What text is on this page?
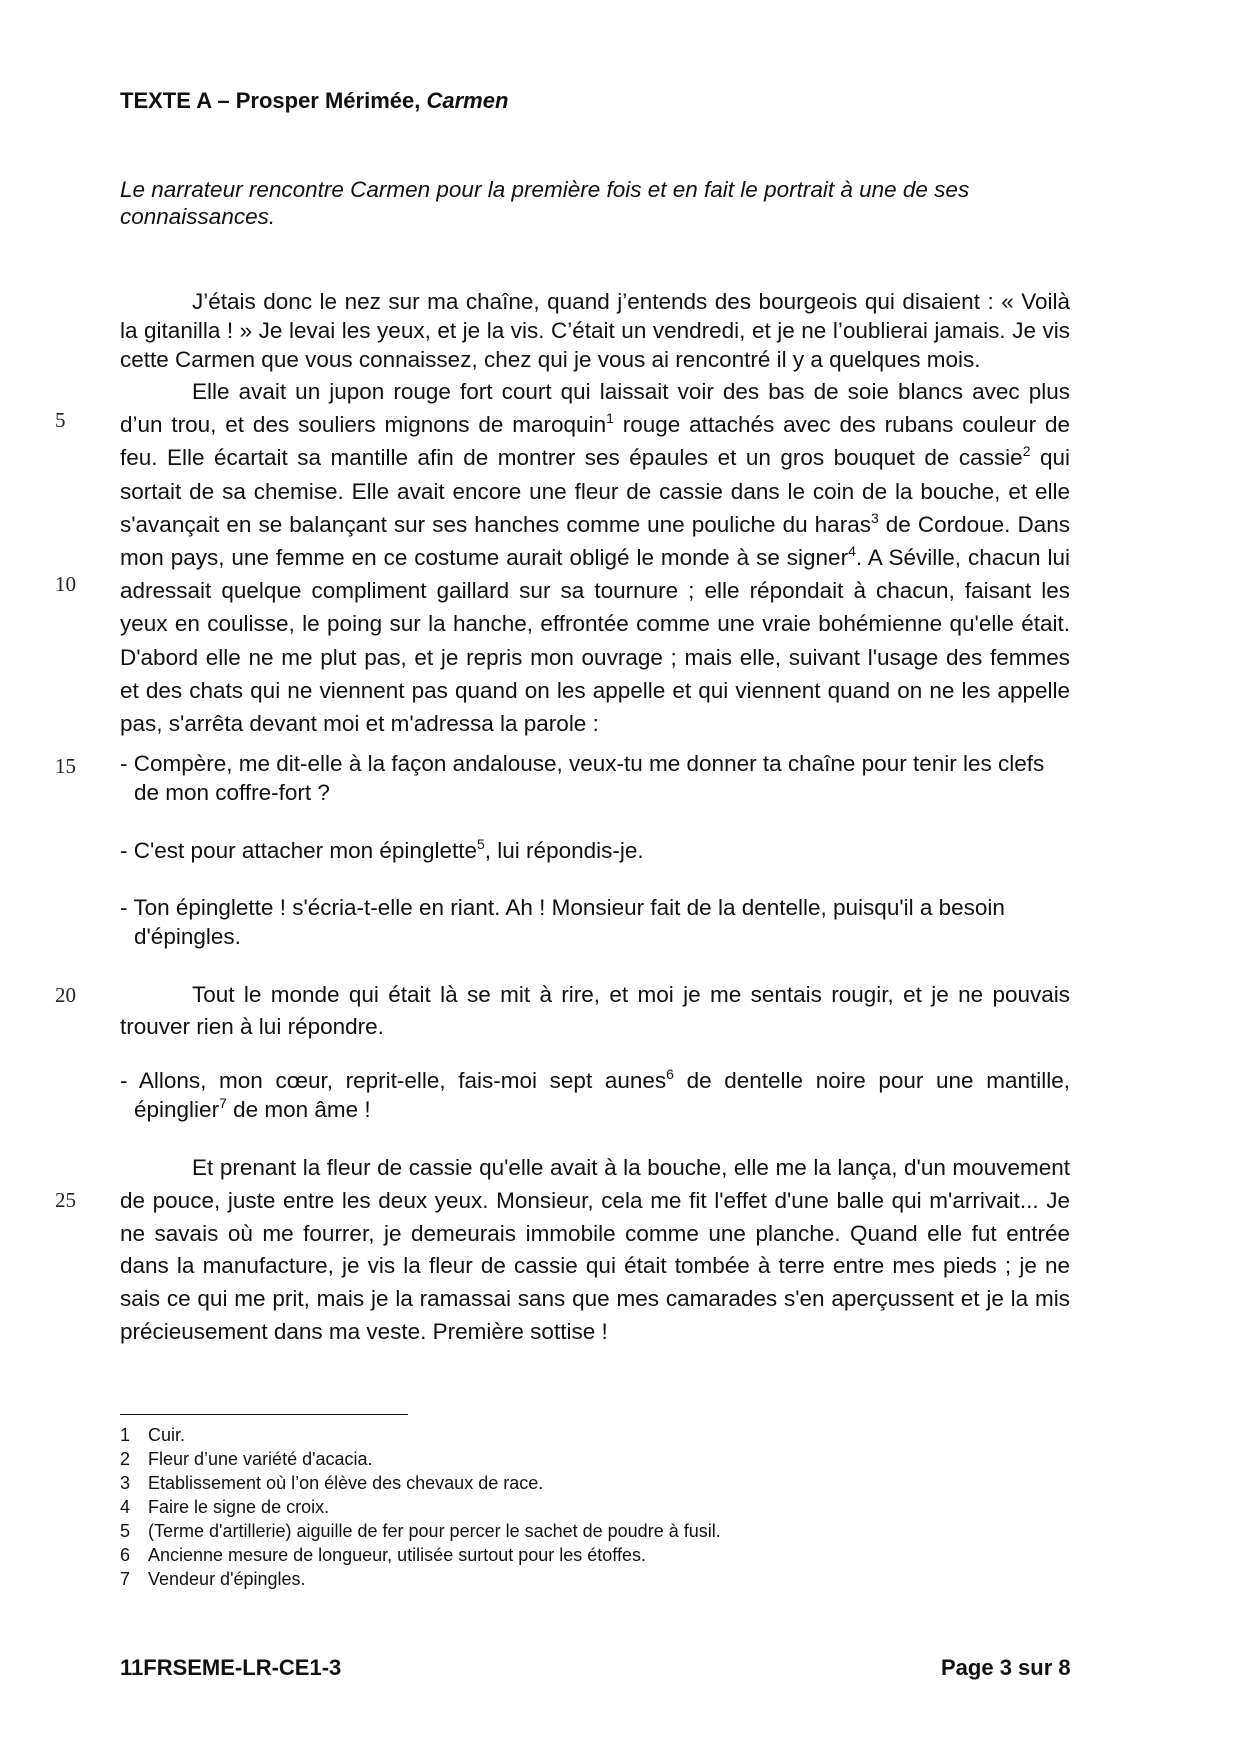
TEXTE A – Prosper Mérimée, Carmen
Le narrateur rencontre Carmen pour la première fois et en fait le portrait à une de ses connaissances.
J’étais donc le nez sur ma chaîne, quand j’entends des bourgeois qui disaient : « Voilà la gitanilla ! » Je levai les yeux, et je la vis. C’était un vendredi, et je ne l’oublierai jamais. Je vis cette Carmen que vous connaissez, chez qui je vous ai rencontré il y a quelques mois.
Elle avait un jupon rouge fort court qui laissait voir des bas de soie blancs avec plus d’un trou, et des souliers mignons de maroquin$^1$ rouge attachés avec des rubans couleur de feu. Elle écartait sa mantille afin de montrer ses épaules et un gros bouquet de cassie$^2$ qui sortait de sa chemise. Elle avait encore une fleur de cassie dans le coin de la bouche, et elle s'avançait en se balançant sur ses hanches comme une pouliche du haras$^3$ de Cordoue. Dans mon pays, une femme en ce costume aurait obligé le monde à se signer$^4$. A Séville, chacun lui adressait quelque compliment gaillard sur sa tournure ; elle répondait à chacun, faisant les yeux en coulisse, le poing sur la hanche, effrontée comme une vraie bohémienne qu'elle était. D'abord elle ne me plut pas, et je repris mon ouvrage ; mais elle, suivant l'usage des femmes et des chats qui ne viennent pas quand on les appelle et qui viennent quand on ne les appelle pas, s'arrêta devant moi et m'adressa la parole :
- Compère, me dit-elle à la façon andalouse, veux-tu me donner ta chaîne pour tenir les clefs
de mon coffre-fort ?
- C'est pour attacher mon épinglette$^5$, lui répondis-je.
- Ton épinglette ! s'écria-t-elle en riant. Ah ! Monsieur fait de la dentelle, puisqu'il a besoin
d'épingles.
Tout le monde qui était là se mit à rire, et moi je me sentais rougir, et je ne pouvais trouver rien à lui répondre.
- Allons, mon cœur, reprit-elle, fais-moi sept aunes$^6$ de dentelle noire pour une mantille,
épinglier$^7$ de mon âme !
Et prenant la fleur de cassie qu'elle avait à la bouche, elle me la lança, d'un mouvement de pouce, juste entre les deux yeux. Monsieur, cela me fit l'effet d'une balle qui m'arrivait... Je ne savais où me fourrer, je demeurais immobile comme une planche. Quand elle fut entrée dans la manufacture, je vis la fleur de cassie qui était tombée à terre entre mes pieds ; je ne sais ce qui me prit, mais je la ramassai sans que mes camarades s'en aperçussent et je la mis précieusement dans ma veste. Première sottise !
5
10
15
20
25
1 Cuir.
2 Fleur d’une variété d'acacia.
3 Etablissement où l’on élève des chevaux de race.
4 Faire le signe de croix.
5 (Terme d'artillerie) aiguille de fer pour percer le sachet de poudre à fusil.
6 Ancienne mesure de longueur, utilisée surtout pour les étoffes.
7 Vendeur d'épingles.
11FRSEME-LR-CE1-3	Page 3 sur 8
